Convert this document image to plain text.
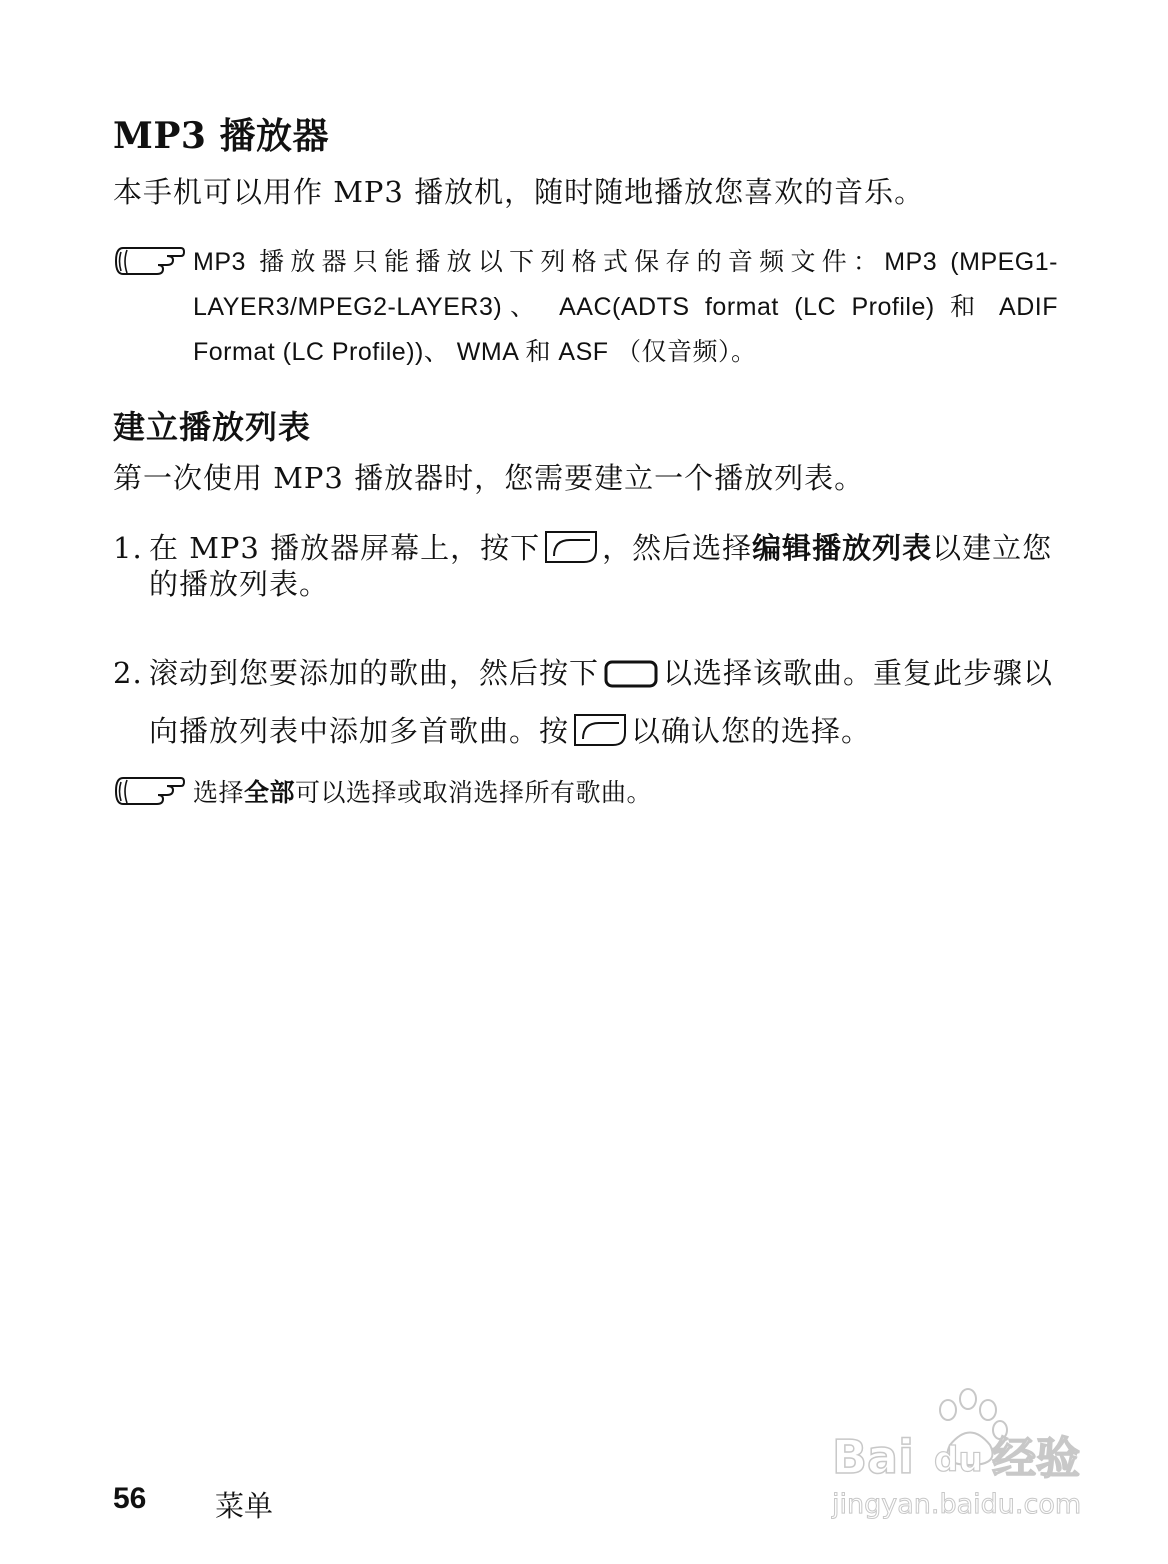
MP3 播放器

本手机可以用作 MP3 播放机，随时随地播放您喜欢的音乐。

MP3 播放器只能播放以下列格式保存的音频文件：MP3 (MPEG1-LAYER3/MPEG2-LAYER3)、 AAC(ADTS format (LC Profile) 和 ADIF Format (LC Profile))、 WMA 和 ASF （仅音频）。

建立播放列表

第一次使用 MP3 播放器时，您需要建立一个播放列表。

1. 在 MP3 播放器屏幕上，按下 ，然后选择编辑播放列表以建立您的播放列表。

2. 滚动到您要添加的歌曲，然后按下 以选择该歌曲。重复此步骤以向播放列表中添加多首歌曲。按 以确认您的选择。

选择全部可以选择或取消选择所有歌曲。

56 菜单
Bai du 经验
jingyan.baidu.com
